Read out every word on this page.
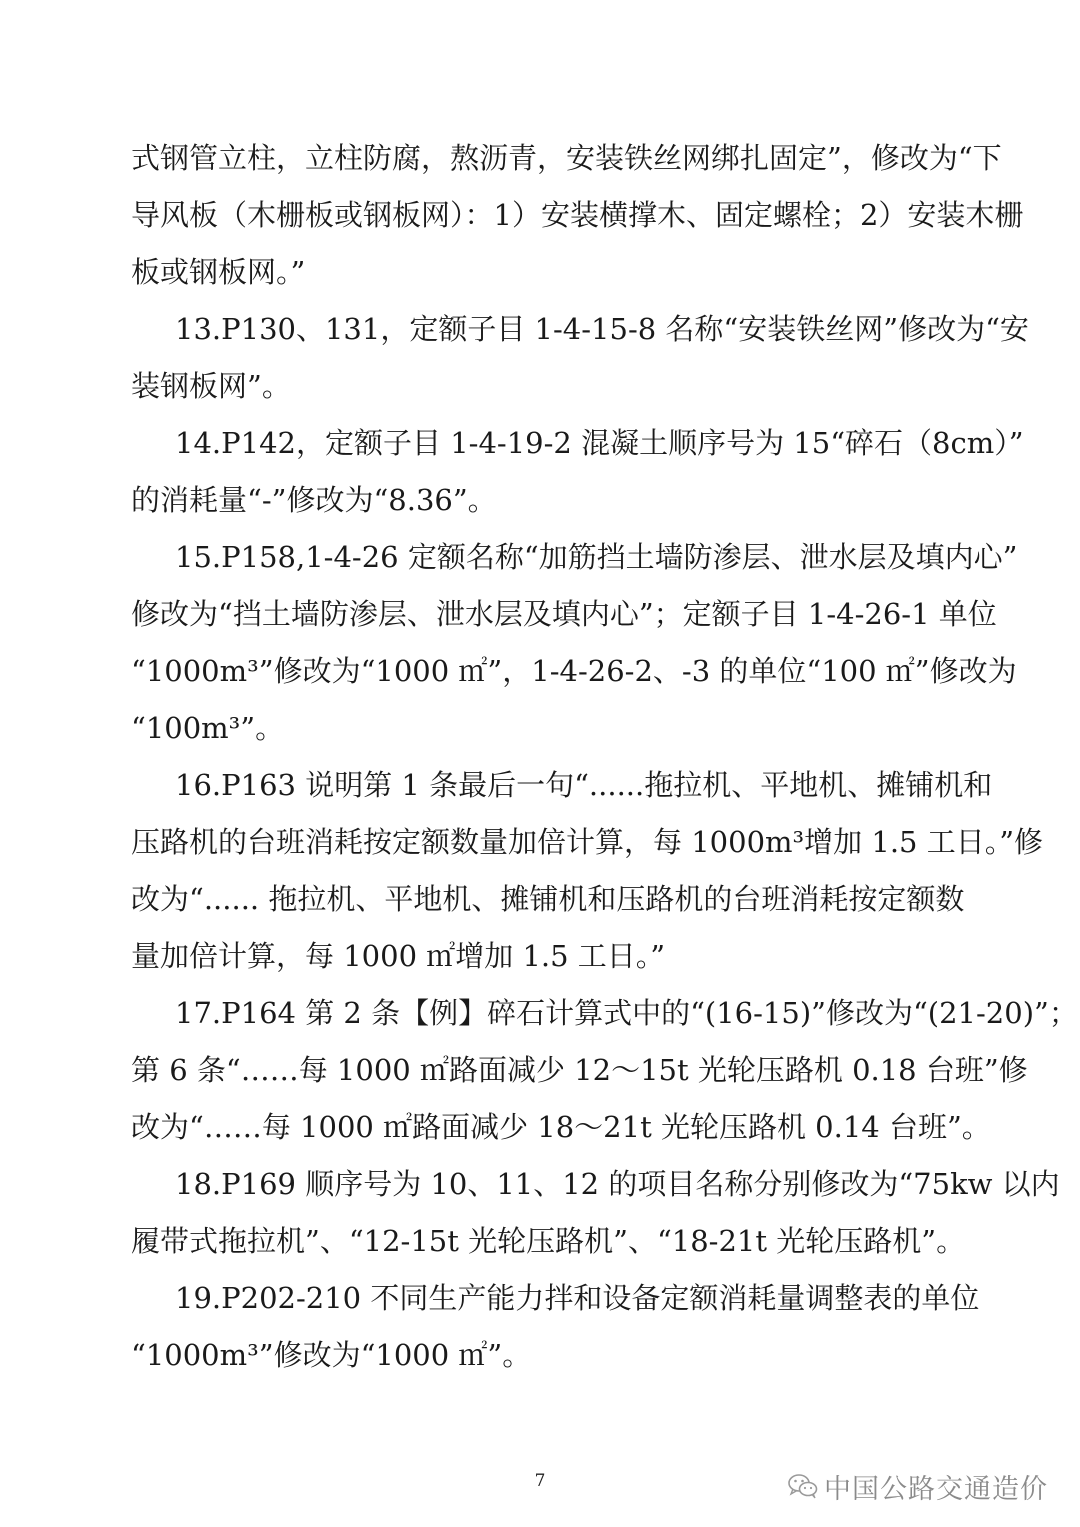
式钢管立柱，立柱防腐，熬沥青，安装铁丝网绑扎固定”，修改为“下
导风板（木栅板或钢板网）：1）安装横撑木、固定螺栓；2）安装木栅
板或钢板网。”
13.P130、131，定额子目 1-4-15-8 名称“安装铁丝网”修改为“安
装钢板网”。
14.P142，定额子目 1-4-19-2 混凝土顺序号为 15“碎石（8cm）”
的消耗量“-”修改为“8.36”。
15.P158,1-4-26 定额名称“加筋挡土墙防渗层、泄水层及填内心”
修改为“挡土墙防渗层、泄水层及填内心”；定额子目 1-4-26-1 单位
“1000m³”修改为“1000 ㎡”，1-4-26-2、-3 的单位“100 ㎡”修改为
“100m³”。
16.P163 说明第 1 条最后一句“......拖拉机、平地机、摊铺机和
压路机的台班消耗按定额数量加倍计算，每 1000m³增加 1.5 工日。”修
改为“...... 拖拉机、平地机、摊铺机和压路机的台班消耗按定额数
量加倍计算，每 1000 ㎡增加 1.5 工日。”
17.P164 第 2 条【例】碎石计算式中的“(16-15)”修改为“(21-20)”；
第 6 条“……每 1000 ㎡路面减少 12～15t 光轮压路机 0.18 台班”修
改为“……每 1000 ㎡路面减少 18～21t 光轮压路机 0.14 台班”。
18.P169 顺序号为 10、11、12 的项目名称分别修改为“75kw 以内
履带式拖拉机”、“12-15t 光轮压路机”、“18-21t 光轮压路机”。
19.P202-210 不同生产能力拌和设备定额消耗量调整表的单位
“1000m³”修改为“1000 ㎡”。
7	中国公路交通造价
